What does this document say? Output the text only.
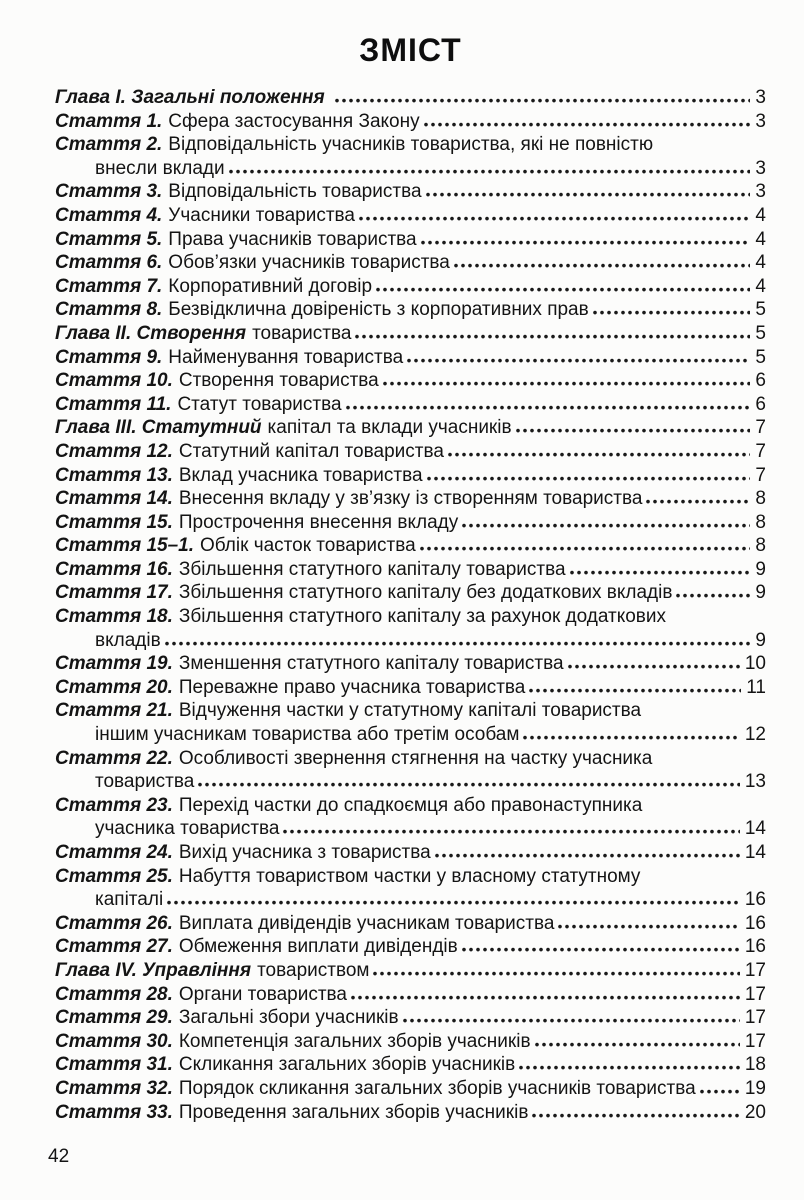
ЗМІСТ
Глава I. Загальні положення	3
Стаття 1. Сфера застосування Закону	3
Стаття 2. Відповідальність учасників товариства, які не повністю
внесли вклади	3
Стаття 3. Відповідальність товариства	3
Стаття 4. Учасники товариства	4
Стаття 5. Права учасників товариства	4
Стаття 6. Обов’язки учасників товариства	4
Стаття 7. Корпоративний договір	4
Стаття 8. Безвідклична довіреність з корпоративних прав	5
Глава II. Створення товариства	5
Стаття 9. Найменування товариства	5
Стаття 10. Створення товариства	6
Стаття 11. Статут товариства	6
Глава III. Статутний капітал та вклади учасників	7
Стаття 12. Статутний капітал товариства	7
Стаття 13. Вклад учасника товариства	7
Стаття 14. Внесення вкладу у зв’язку із створенням товариства	8
Стаття 15. Прострочення внесення вкладу	8
Стаття 15–1. Облік часток товариства	8
Стаття 16. Збільшення статутного капіталу товариства	9
Стаття 17. Збільшення статутного капіталу без додаткових вкладів	9
Стаття 18. Збільшення статутного капіталу за рахунок додаткових
вкладів	9
Стаття 19. Зменшення статутного капіталу товариства	10
Стаття 20. Переважне право учасника товариства	11
Стаття 21. Відчуження частки у статутному капіталі товариства
іншим учасникам товариства або третім особам	12
Стаття 22. Особливості звернення стягнення на частку учасника
товариства	13
Стаття 23. Перехід частки до спадкоємця або правонаступника
учасника товариства	14
Стаття 24. Вихід учасника з товариства	14
Стаття 25. Набуття товариством частки у власному статутному
капіталі	16
Стаття 26. Виплата дивідендів учасникам товариства	16
Стаття 27. Обмеження виплати дивідендів	16
Глава IV. Управління товариством	17
Стаття 28. Органи товариства	17
Стаття 29. Загальні збори учасників	17
Стаття 30. Компетенція загальних зборів учасників	17
Стаття 31. Скликання загальних зборів учасників	18
Стаття 32. Порядок скликання загальних зборів учасників товариства	19
Стаття 33. Проведення загальних зборів учасників	20
42
